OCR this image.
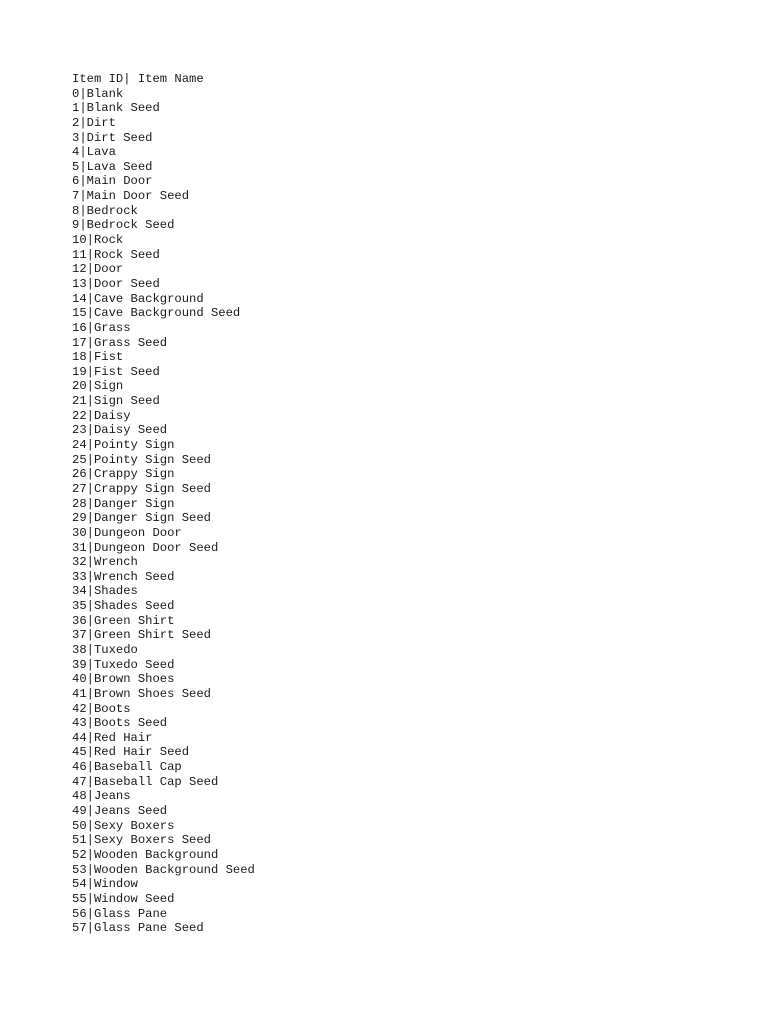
Item ID| Item Name
0|Blank
1|Blank Seed
2|Dirt
3|Dirt Seed
4|Lava
5|Lava Seed
6|Main Door
7|Main Door Seed
8|Bedrock
9|Bedrock Seed
10|Rock
11|Rock Seed
12|Door
13|Door Seed
14|Cave Background
15|Cave Background Seed
16|Grass
17|Grass Seed
18|Fist
19|Fist Seed
20|Sign
21|Sign Seed
22|Daisy
23|Daisy Seed
24|Pointy Sign
25|Pointy Sign Seed
26|Crappy Sign
27|Crappy Sign Seed
28|Danger Sign
29|Danger Sign Seed
30|Dungeon Door
31|Dungeon Door Seed
32|Wrench
33|Wrench Seed
34|Shades
35|Shades Seed
36|Green Shirt
37|Green Shirt Seed
38|Tuxedo
39|Tuxedo Seed
40|Brown Shoes
41|Brown Shoes Seed
42|Boots
43|Boots Seed
44|Red Hair
45|Red Hair Seed
46|Baseball Cap
47|Baseball Cap Seed
48|Jeans
49|Jeans Seed
50|Sexy Boxers
51|Sexy Boxers Seed
52|Wooden Background
53|Wooden Background Seed
54|Window
55|Window Seed
56|Glass Pane
57|Glass Pane Seed
